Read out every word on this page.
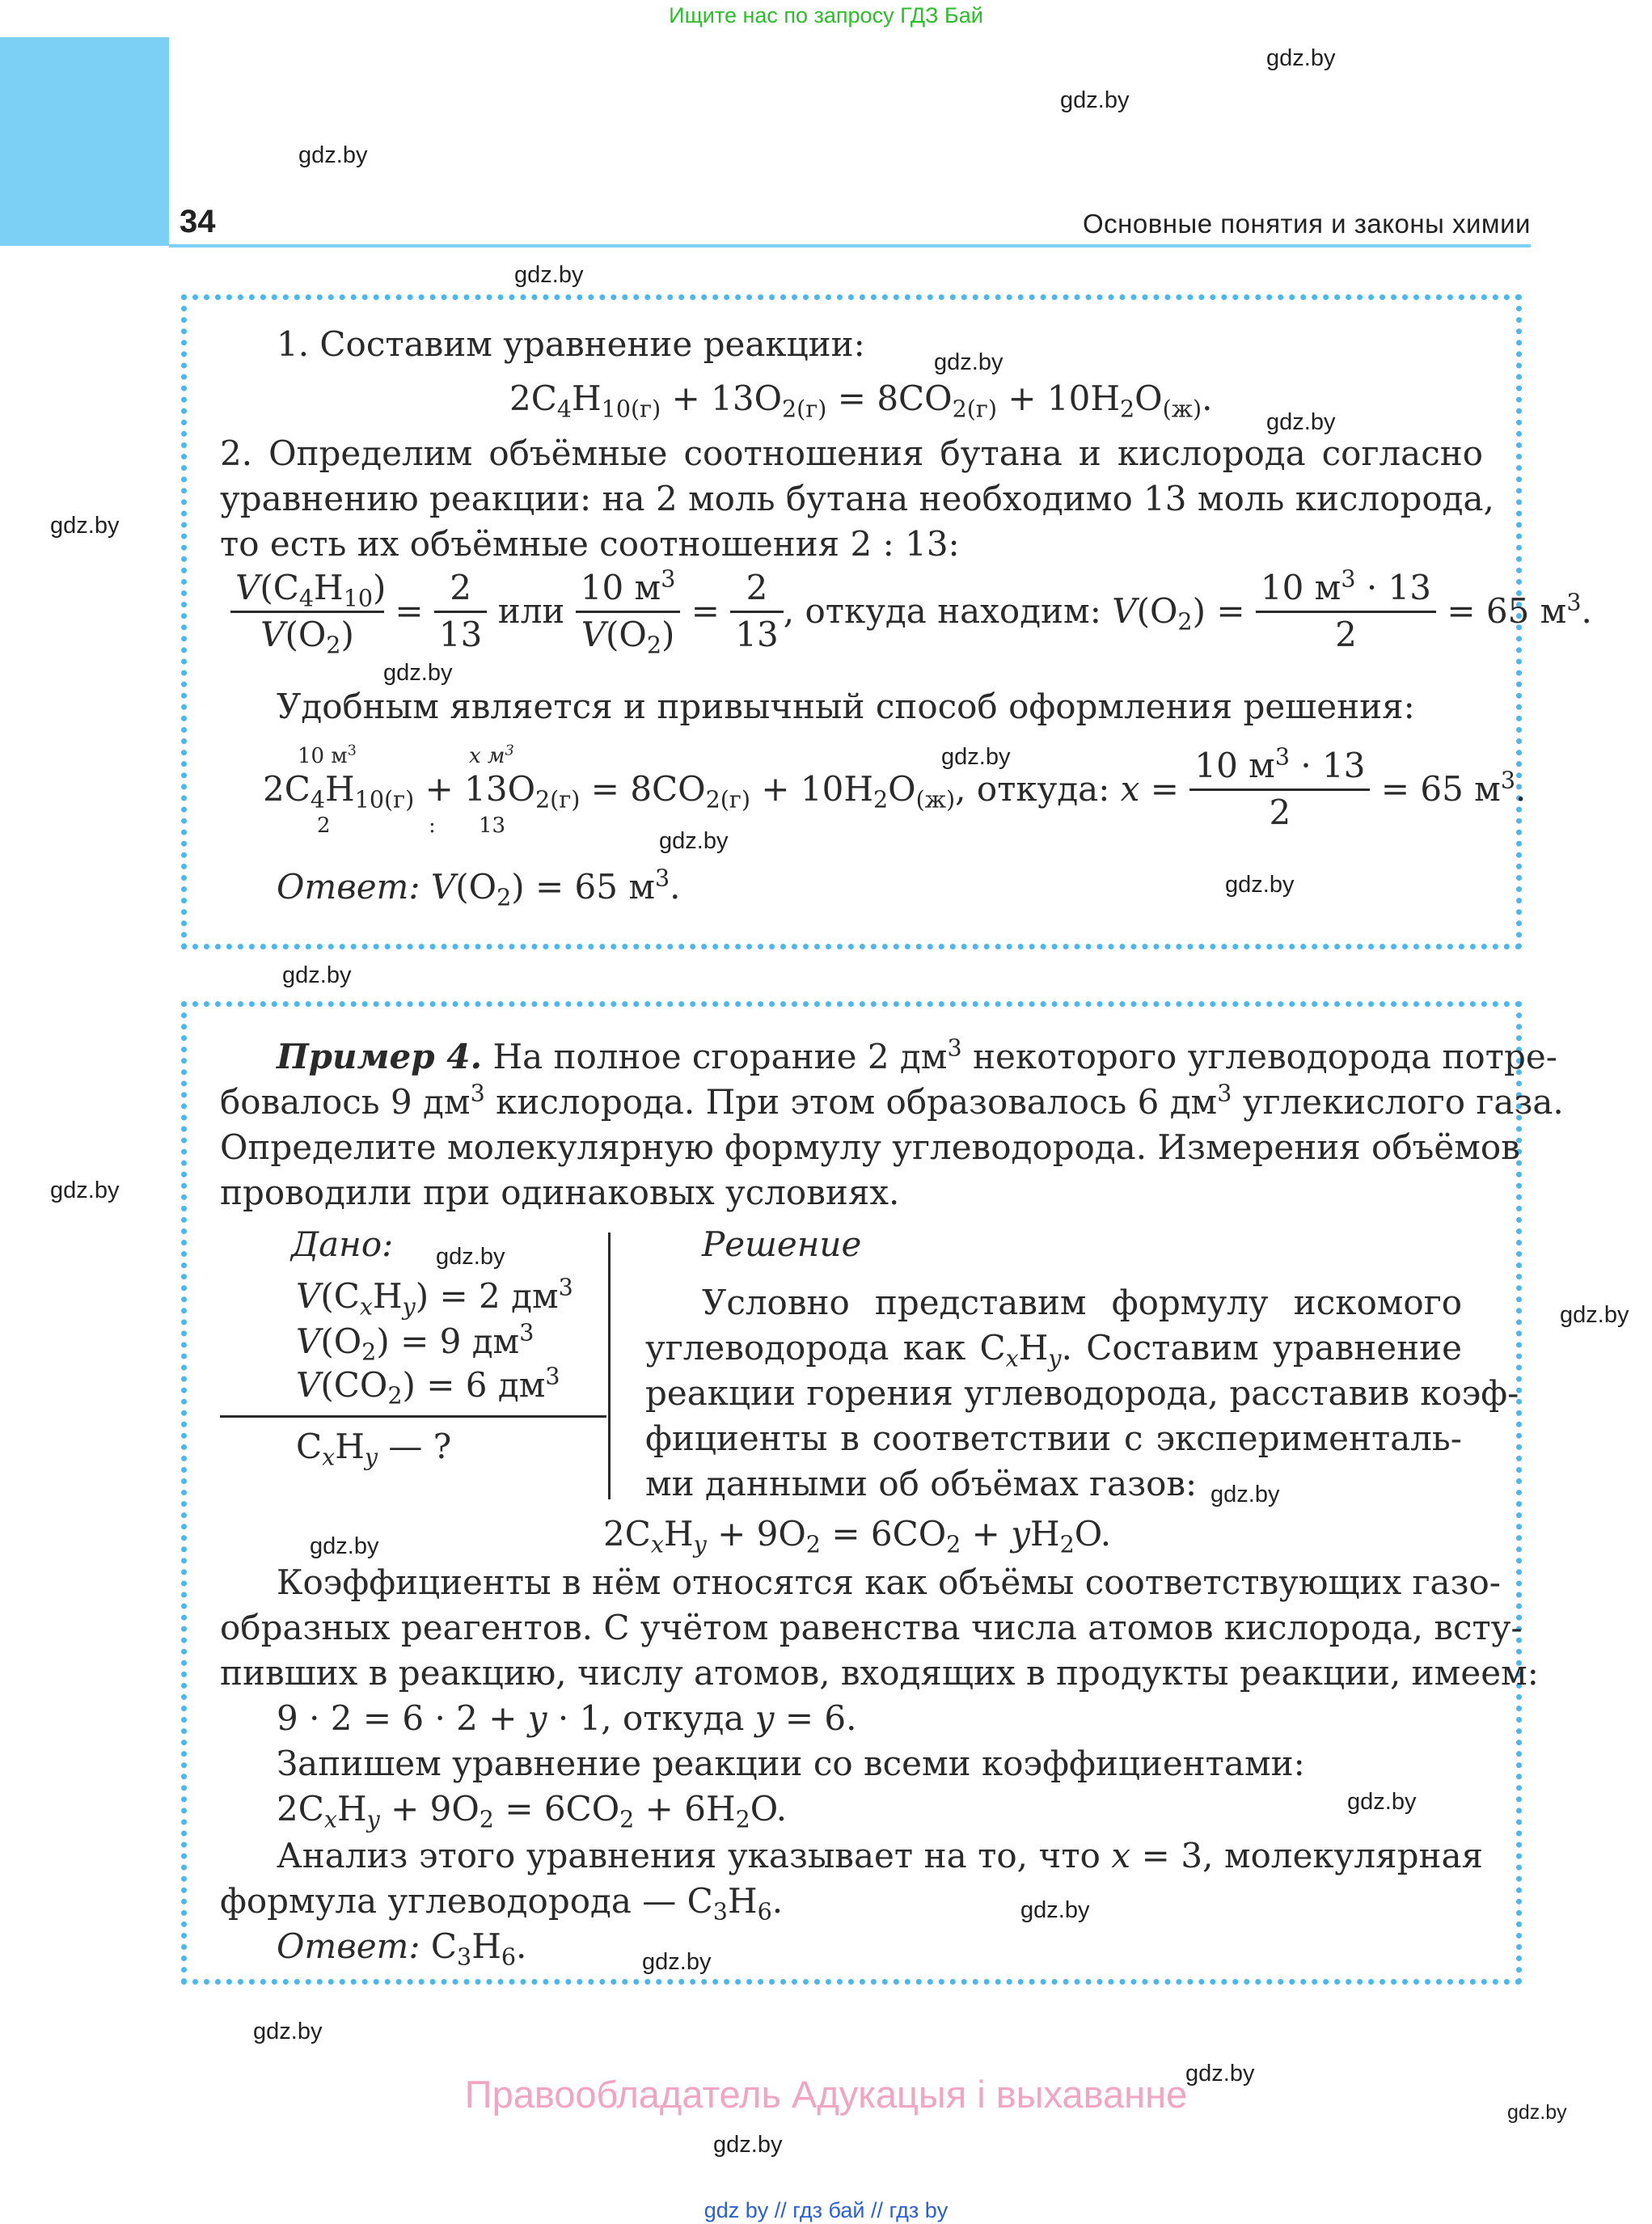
Ищите нас по запросу ГДЗ Бай
34	Основные понятия и законы химии
gdz.by
gdz.by
gdz.by
gdz.by
gdz.by
gdz.by
gdz.by
gdz.by
gdz.by
gdz.by
gdz.by
gdz.by
gdz.by
gdz.by
gdz.by
gdz.by
gdz.by
gdz.by
gdz.by
gdz.by
gdz.by
gdz.by
gdz.by
gdz.by
1. Составим уравнение реакции:
$2C_4H_{10(г)} + 13O_{2(г)} = 8CO_{2(г)} + 10H_2O_{(ж)}$.
2. Определим объёмные соотношения бутана и кислорода согласно
уравнению реакции: на 2 моль бутана необходимо 13 моль кислорода,
то есть их объёмные соотношения 2 : 13:
$\frac{V(C_4H_{10})}{V(O_2)} = \frac{2}{13}$ или $\frac{10 м^3}{V(O_2)} = \frac{2}{13}$ , откуда находим: $V(O_2) = \frac{10 м^3 \cdot 13}{2} = 65$ $м^3$.
Удобным является и привычный способ оформления решения:
10 $м^3$	x $м^3$
2	: 13
$2C_4H_{10(г)} + 13O_{2(г)} = 8CO_{2(г)} + 10H_2O_{(ж)}$, откуда: $x = \frac{10 м^3 \cdot 13}{2} = 65$ $м^3$.
Ответ: $V(O_2) = 65$ $м^3$.
Пример 4. На полное сгорание 2 $дм^3$ некоторого углеводорода потре-
бовалось 9 $дм^3$ кислорода. При этом образовалось 6 $дм^3$ углекислого газа.
Определите молекулярную формулу углеводорода. Измерения объёмов
проводили при одинаковых условиях.
Дано:	Решение
$V(C_xH_y) = 2$ $дм^3$
$V(O_2) = 9$ $дм^3$
$V(CO_2) = 6$ $дм^3$
$C_xH_y$ — ?
Условно представим формулу искомого
углеводорода как $C_xH_y$. Составим уравнение
реакции горения углеводорода, расставив коэф-
фициенты в соответствии с эксперименталь-
ми данными об объёмах газов:
$2C_xH_y + 9O_2 = 6CO_2 + yH_2O$.
Коэффициенты в нём относятся как объёмы соответствующих газо-
образных реагентов. С учётом равенства числа атомов кислорода, всту-
пивших в реакцию, числу атомов, входящих в продукты реакции, имеем:
9 · 2 = 6 · 2 + y · 1, откуда y = 6.
Запишем уравнение реакции со всеми коэффициентами:
$2C_xH_y + 9O_2 = 6CO_2 + 6H_2O$.
Анализ этого уравнения указывает на то, что x = 3, молекулярная
формула углеводорода — $C_3H_6$.
Ответ: $C_3H_6$.
Правообладатель Адукацыя і выхаванне
gdz by // гдз бай // гдз by
